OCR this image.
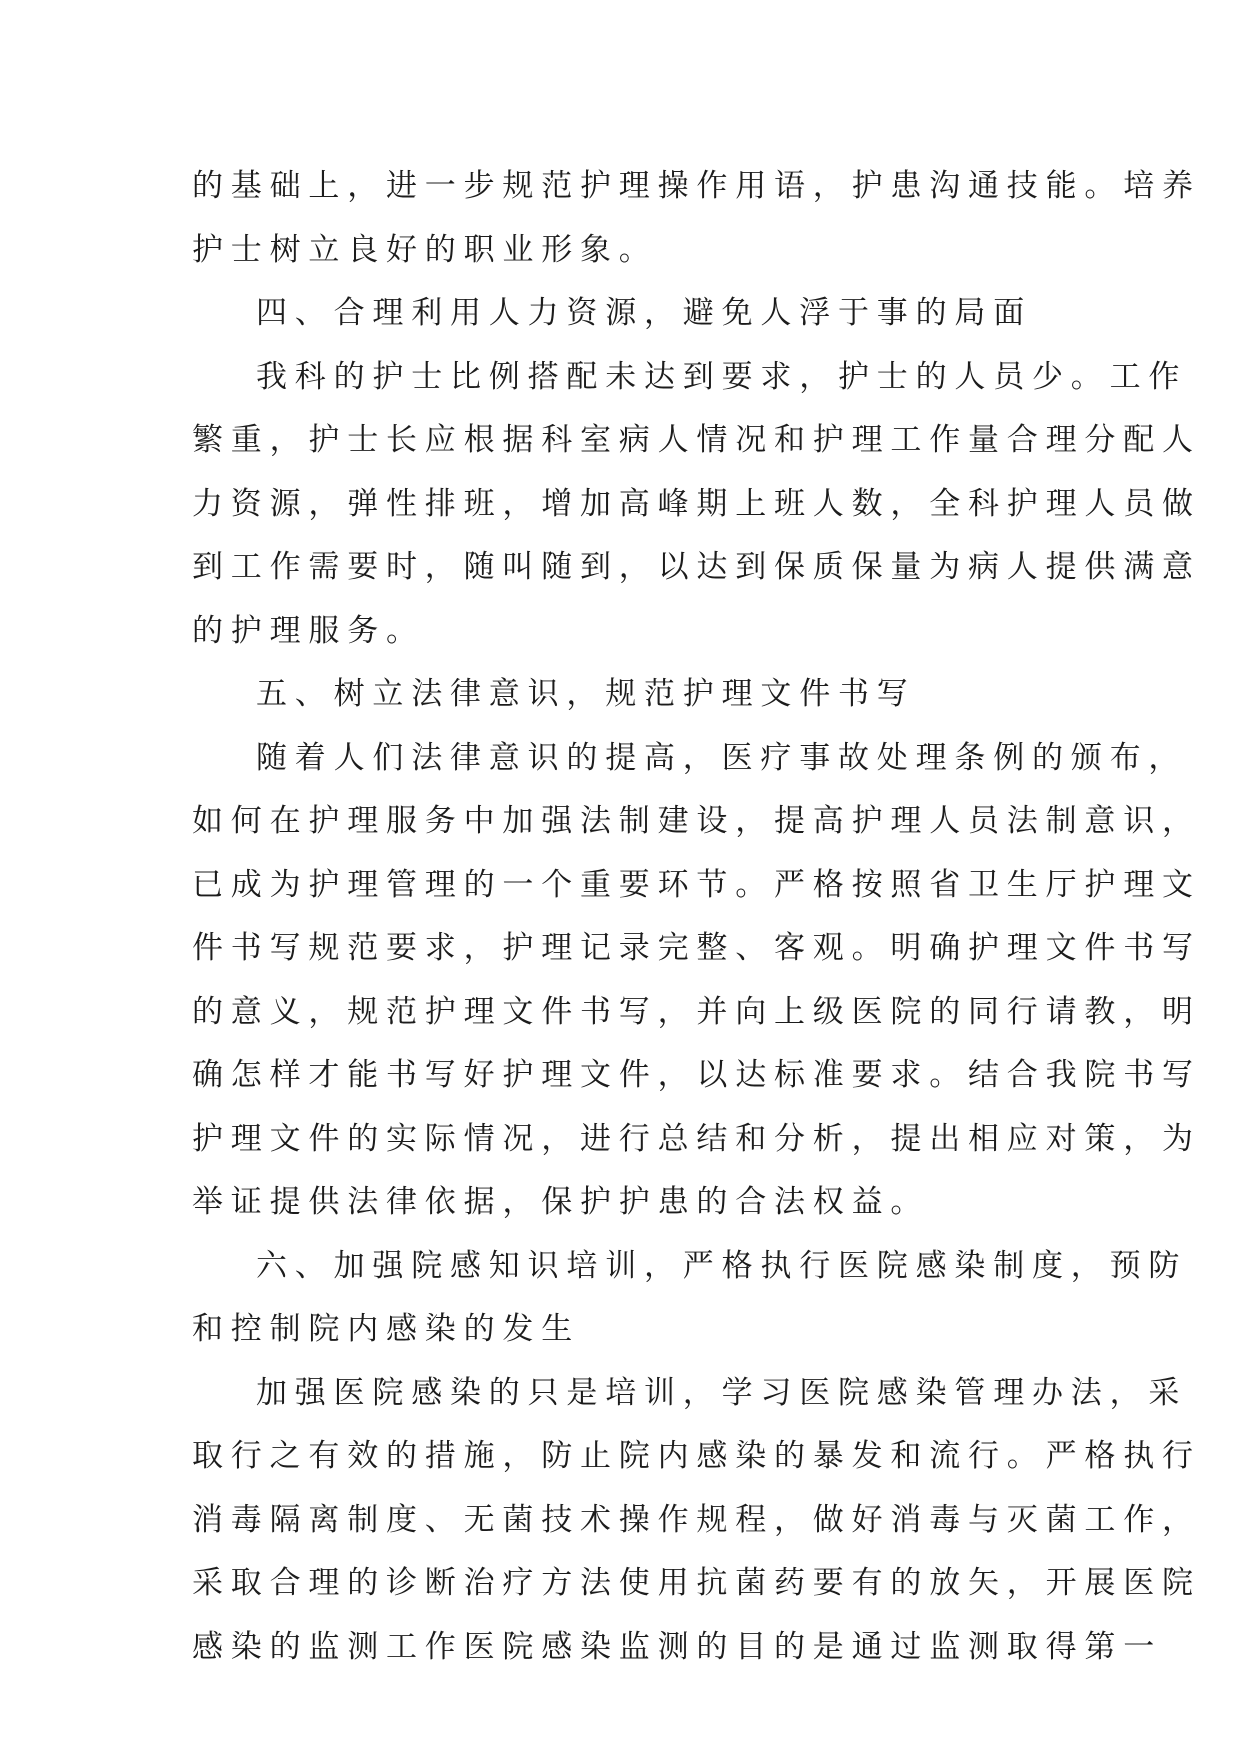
的基础上，进一步规范护理操作用语，护患沟通技能。培养
护士树立良好的职业形象。
四、合理利用人力资源，避免人浮于事的局面
我科的护士比例搭配未达到要求，护士的人员少。工作
繁重，护士长应根据科室病人情况和护理工作量合理分配人
力资源，弹性排班，增加高峰期上班人数，全科护理人员做
到工作需要时，随叫随到，以达到保质保量为病人提供满意
的护理服务。
五、树立法律意识，规范护理文件书写
随着人们法律意识的提高，医疗事故处理条例的颁布，
如何在护理服务中加强法制建设，提高护理人员法制意识，
已成为护理管理的一个重要环节。严格按照省卫生厅护理文
件书写规范要求，护理记录完整、客观。明确护理文件书写
的意义，规范护理文件书写，并向上级医院的同行请教，明
确怎样才能书写好护理文件，以达标准要求。结合我院书写
护理文件的实际情况，进行总结和分析，提出相应对策，为
举证提供法律依据，保护护患的合法权益。
六、加强院感知识培训，严格执行医院感染制度，预防
和控制院内感染的发生
加强医院感染的只是培训，学习医院感染管理办法，采
取行之有效的措施，防止院内感染的暴发和流行。严格执行
消毒隔离制度、无菌技术操作规程，做好消毒与灭菌工作，
采取合理的诊断治疗方法使用抗菌药要有的放矢，开展医院
感染的监测工作医院感染监测的目的是通过监测取得第一
